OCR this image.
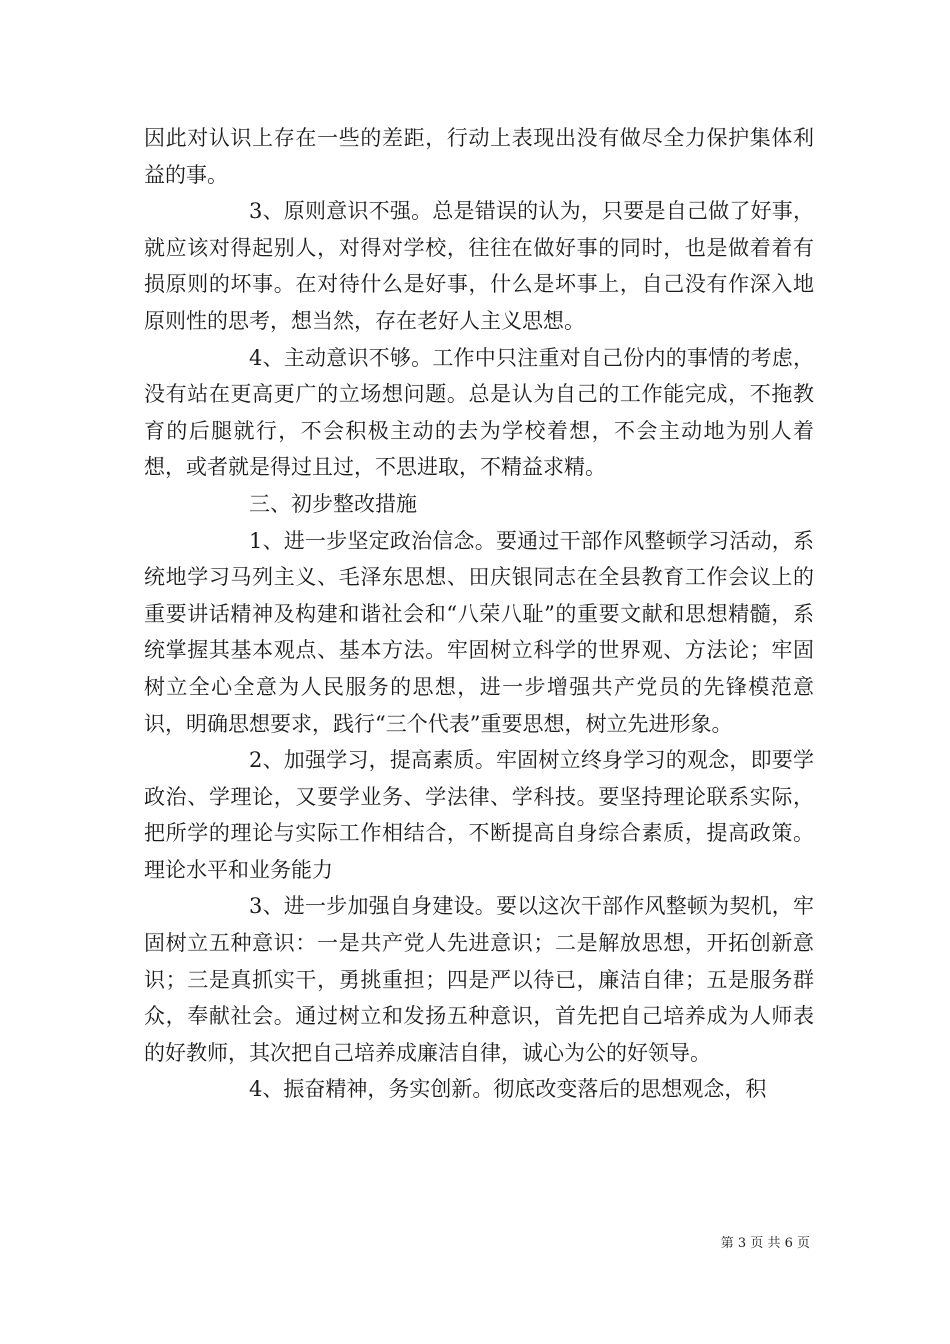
因此对认识上存在一些的差距，行动上表现出没有做尽全力保护集体利益的事。

3、原则意识不强。总是错误的认为，只要是自己做了好事，就应该对得起别人，对得对学校，往往在做好事的同时，也是做着着有损原则的坏事。在对待什么是好事，什么是坏事上，自己没有作深入地原则性的思考，想当然，存在老好人主义思想。

4、主动意识不够。工作中只注重对自己份内的事情的考虑，没有站在更高更广的立场想问题。总是认为自己的工作能完成，不拖教育的后腿就行，不会积极主动的去为学校着想，不会主动地为别人着想，或者就是得过且过，不思进取，不精益求精。

三、初步整改措施

1、进一步坚定政治信念。要通过干部作风整顿学习活动，系统地学习马列主义、毛泽东思想、田庆银同志在全县教育工作会议上的重要讲话精神及构建和谐社会和“八荣八耻”的重要文献和思想精髓，系统掌握其基本观点、基本方法。牢固树立科学的世界观、方法论；牢固树立全心全意为人民服务的思想，进一步增强共产党员的先锋模范意识，明确思想要求，践行“三个代表”重要思想，树立先进形象。

2、加强学习，提高素质。牢固树立终身学习的观念，即要学政治、学理论，又要学业务、学法律、学科技。要坚持理论联系实际，把所学的理论与实际工作相结合，不断提高自身综合素质，提高政策。理论水平和业务能力

3、进一步加强自身建设。要以这次干部作风整顿为契机，牢固树立五种意识：一是共产党人先进意识；二是解放思想，开拓创新意识；三是真抓实干，勇挑重担；四是严以待已，廉洁自律；五是服务群众，奉献社会。通过树立和发扬五种意识，首先把自己培养成为人师表的好教师，其次把自己培养成廉洁自律，诚心为公的好领导。

4、振奋精神，务实创新。彻底改变落后的思想观念，积

第 3 页 共 6 页
